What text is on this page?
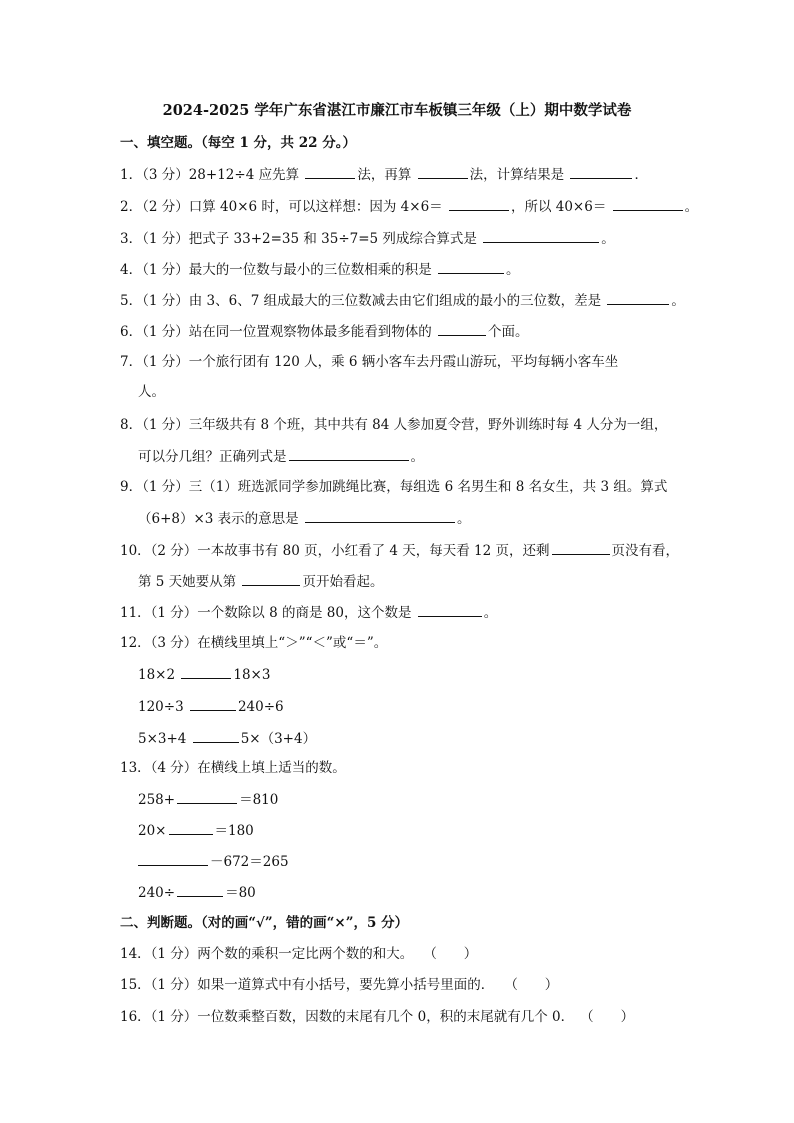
2024-2025 学年广东省湛江市廉江市车板镇三年级（上）期中数学试卷
一、填空题。（每空 1 分，共 22 分。）
1．（3 分）28+12÷4 应先算	法，再算	法，计算结果是	．
2．（2 分）口算 40×6 时，可以这样想：因为 4×6＝	，所以 40×6＝	。
3．（1 分）把式子 33+2=35 和 35÷7=5 列成综合算式是	。
4．（1 分）最大的一位数与最小的三位数相乘的积是	。
5．（1 分）由 3、6、7 组成最大的三位数减去由它们组成的最小的三位数，差是	。
6．（1 分）站在同一位置观察物体最多能看到物体的	个面。
7．（1 分）一个旅行团有 120 人，乘 6 辆小客车去丹霞山游玩，平均每辆小客车坐
人。
8．（1 分）三年级共有 8 个班，其中共有 84 人参加夏令营，野外训练时每 4 人分为一组，
可以分几组？正确列式是	。
9．（1 分）三（1）班选派同学参加跳绳比赛，每组选 6 名男生和 8 名女生，共 3 组。算式
（6+8）×3 表示的意思是	。
10．（2 分）一本故事书有 80 页，小红看了 4 天，每天看 12 页，还剩	页没有看，
第 5 天她要从第	页开始看起。
11．（1 分）一个数除以 8 的商是 80，这个数是	。
12．（3 分）在横线里填上“＞”“＜”或“＝”。
18×2	18×3
120÷3	240÷6
5×3+4	5×（3+4）
13．（4 分）在横线上填上适当的数。
258+	＝810
20×	＝180
－672＝265
240÷	＝80
二、判断题。（对的画“√”，错的画“×”，5 分）
14．（1 分）两个数的乘积一定比两个数的和大。 （　　）
15．（1 分）如果一道算式中有小括号，要先算小括号里面的． （　　）
16．（1 分）一位数乘整百数，因数的末尾有几个 0，积的末尾就有几个 0． （　　）
